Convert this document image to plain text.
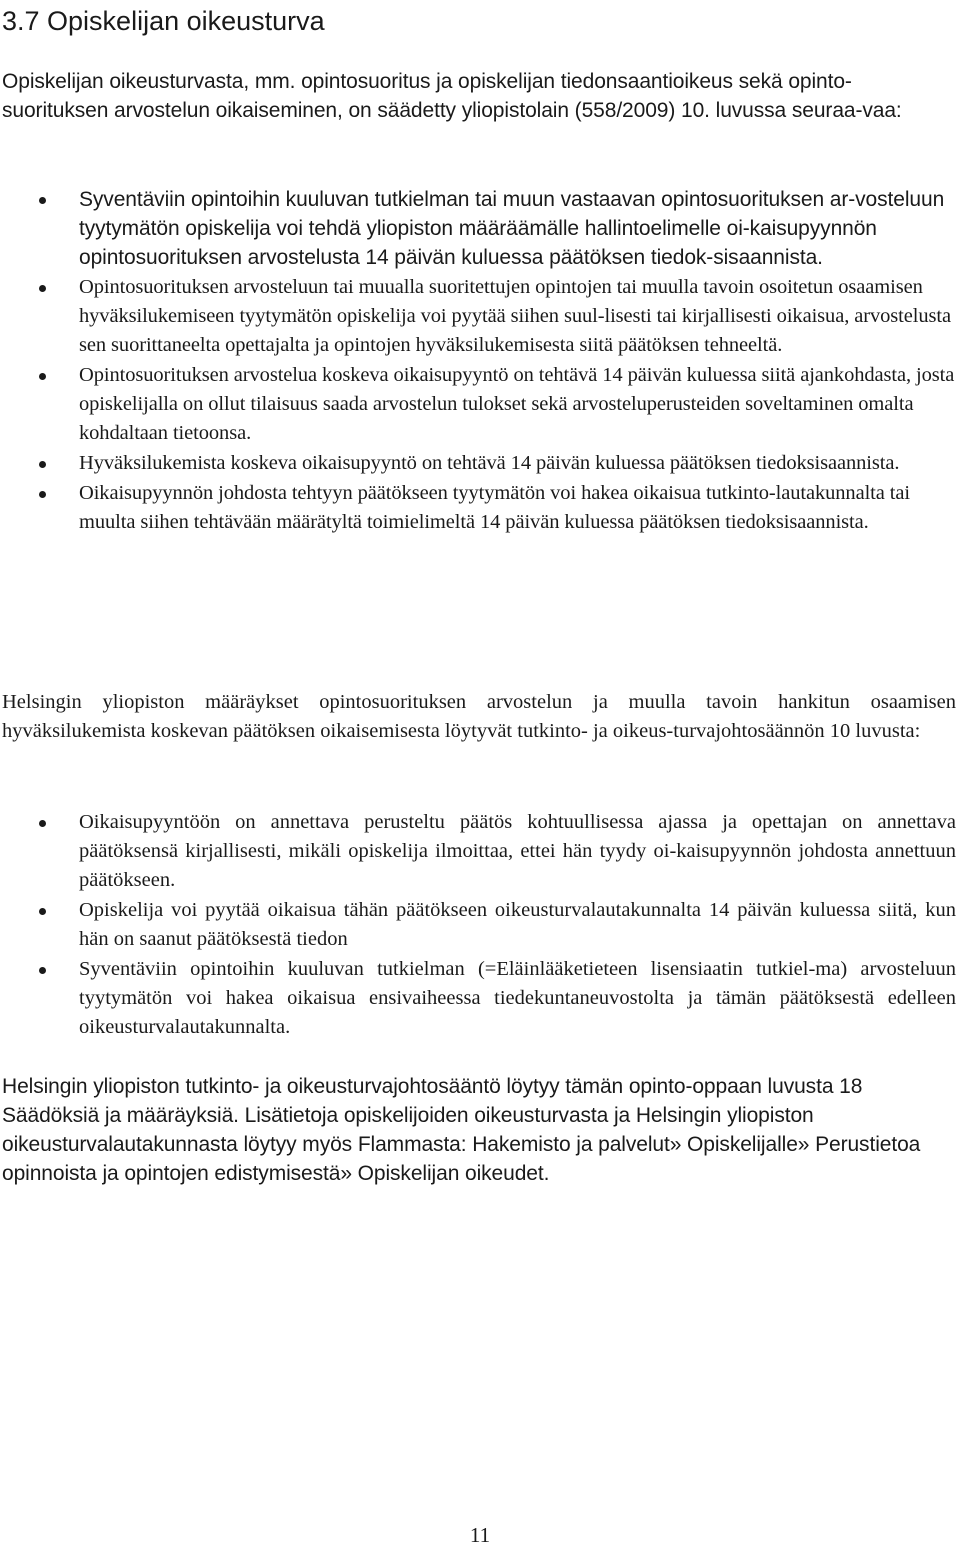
3.7 Opiskelijan oikeusturva

Opiskelijan oikeusturvasta, mm. opintosuoritus ja opiskelijan tiedonsaantioikeus sekä opinto-suorituksen arvostelun oikaiseminen, on säädetty yliopistolain (558/2009) 10. luvussa seuraa-vaa:

Syventäviin opintoihin kuuluvan tutkielman tai muun vastaavan opintosuorituksen ar-vosteluun tyytymätön opiskelija voi tehdä yliopiston määräämälle hallintoelimelle oi-kaisupyynnön opintosuorituksen arvostelusta 14 päivän kuluessa päätöksen tiedok-sisaannista.
Opintosuorituksen arvosteluun tai muualla suoritettujen opintojen tai muulla tavoin osoitetun osaamisen hyväksilukemiseen tyytymätön opiskelija voi pyytää siihen suul-lisesti tai kirjallisesti oikaisua, arvostelusta sen suorittaneelta opettajalta ja opintojen hyväksilukemisesta siitä päätöksen tehneeltä.
Opintosuorituksen arvostelua koskeva oikaisupyyntö on tehtävä 14 päivän kuluessa siitä ajankohdasta, josta opiskelijalla on ollut tilaisuus saada arvostelun tulokset sekä arvosteluperusteiden soveltaminen omalta kohdaltaan tietoonsa.
Hyväksilukemista koskeva oikaisupyyntö on tehtävä 14 päivän kuluessa päätöksen tiedoksisaannista.
Oikaisupyynnön johdosta tehtyyn päätökseen tyytymätön voi hakea oikaisua tutkinto-lautakunnalta tai muulta siihen tehtävään määrätyltä toimielimeltä 14 päivän kuluessa päätöksen tiedoksisaannista.

Helsingin yliopiston määräykset opintosuorituksen arvostelun ja muulla tavoin hankitun osaamisen hyväksilukemista koskevan päätöksen oikaisemisesta löytyvät tutkinto- ja oikeus-turvajohtosäännön 10 luvusta:

Oikaisupyyntöön on annettava perusteltu päätös kohtuullisessa ajassa ja opettajan on annettava päätöksensä kirjallisesti, mikäli opiskelija ilmoittaa, ettei hän tyydy oi-kaisupyynnön johdosta annettuun päätökseen.
Opiskelija voi pyytää oikaisua tähän päätökseen oikeusturvalautakunnalta 14 päivän kuluessa siitä, kun hän on saanut päätöksestä tiedon
Syventäviin opintoihin kuuluvan tutkielman (=Eläinlääketieteen lisensiaatin tutkiel-ma) arvosteluun tyytymätön voi hakea oikaisua ensivaiheessa tiedekuntaneuvostolta ja tämän päätöksestä edelleen oikeusturvalautakunnalta.

Helsingin yliopiston tutkinto- ja oikeusturvajohtosääntö löytyy tämän opinto-oppaan luvusta 18 Säädöksiä ja määräyksiä. Lisätietoja opiskelijoiden oikeusturvasta ja Helsingin yliopiston oikeusturvalautakunnasta löytyy myös Flammasta: Hakemisto ja palvelut» Opiskelijalle» Perustietoa opinnoista ja opintojen edistymisestä» Opiskelijan oikeudet.

11
